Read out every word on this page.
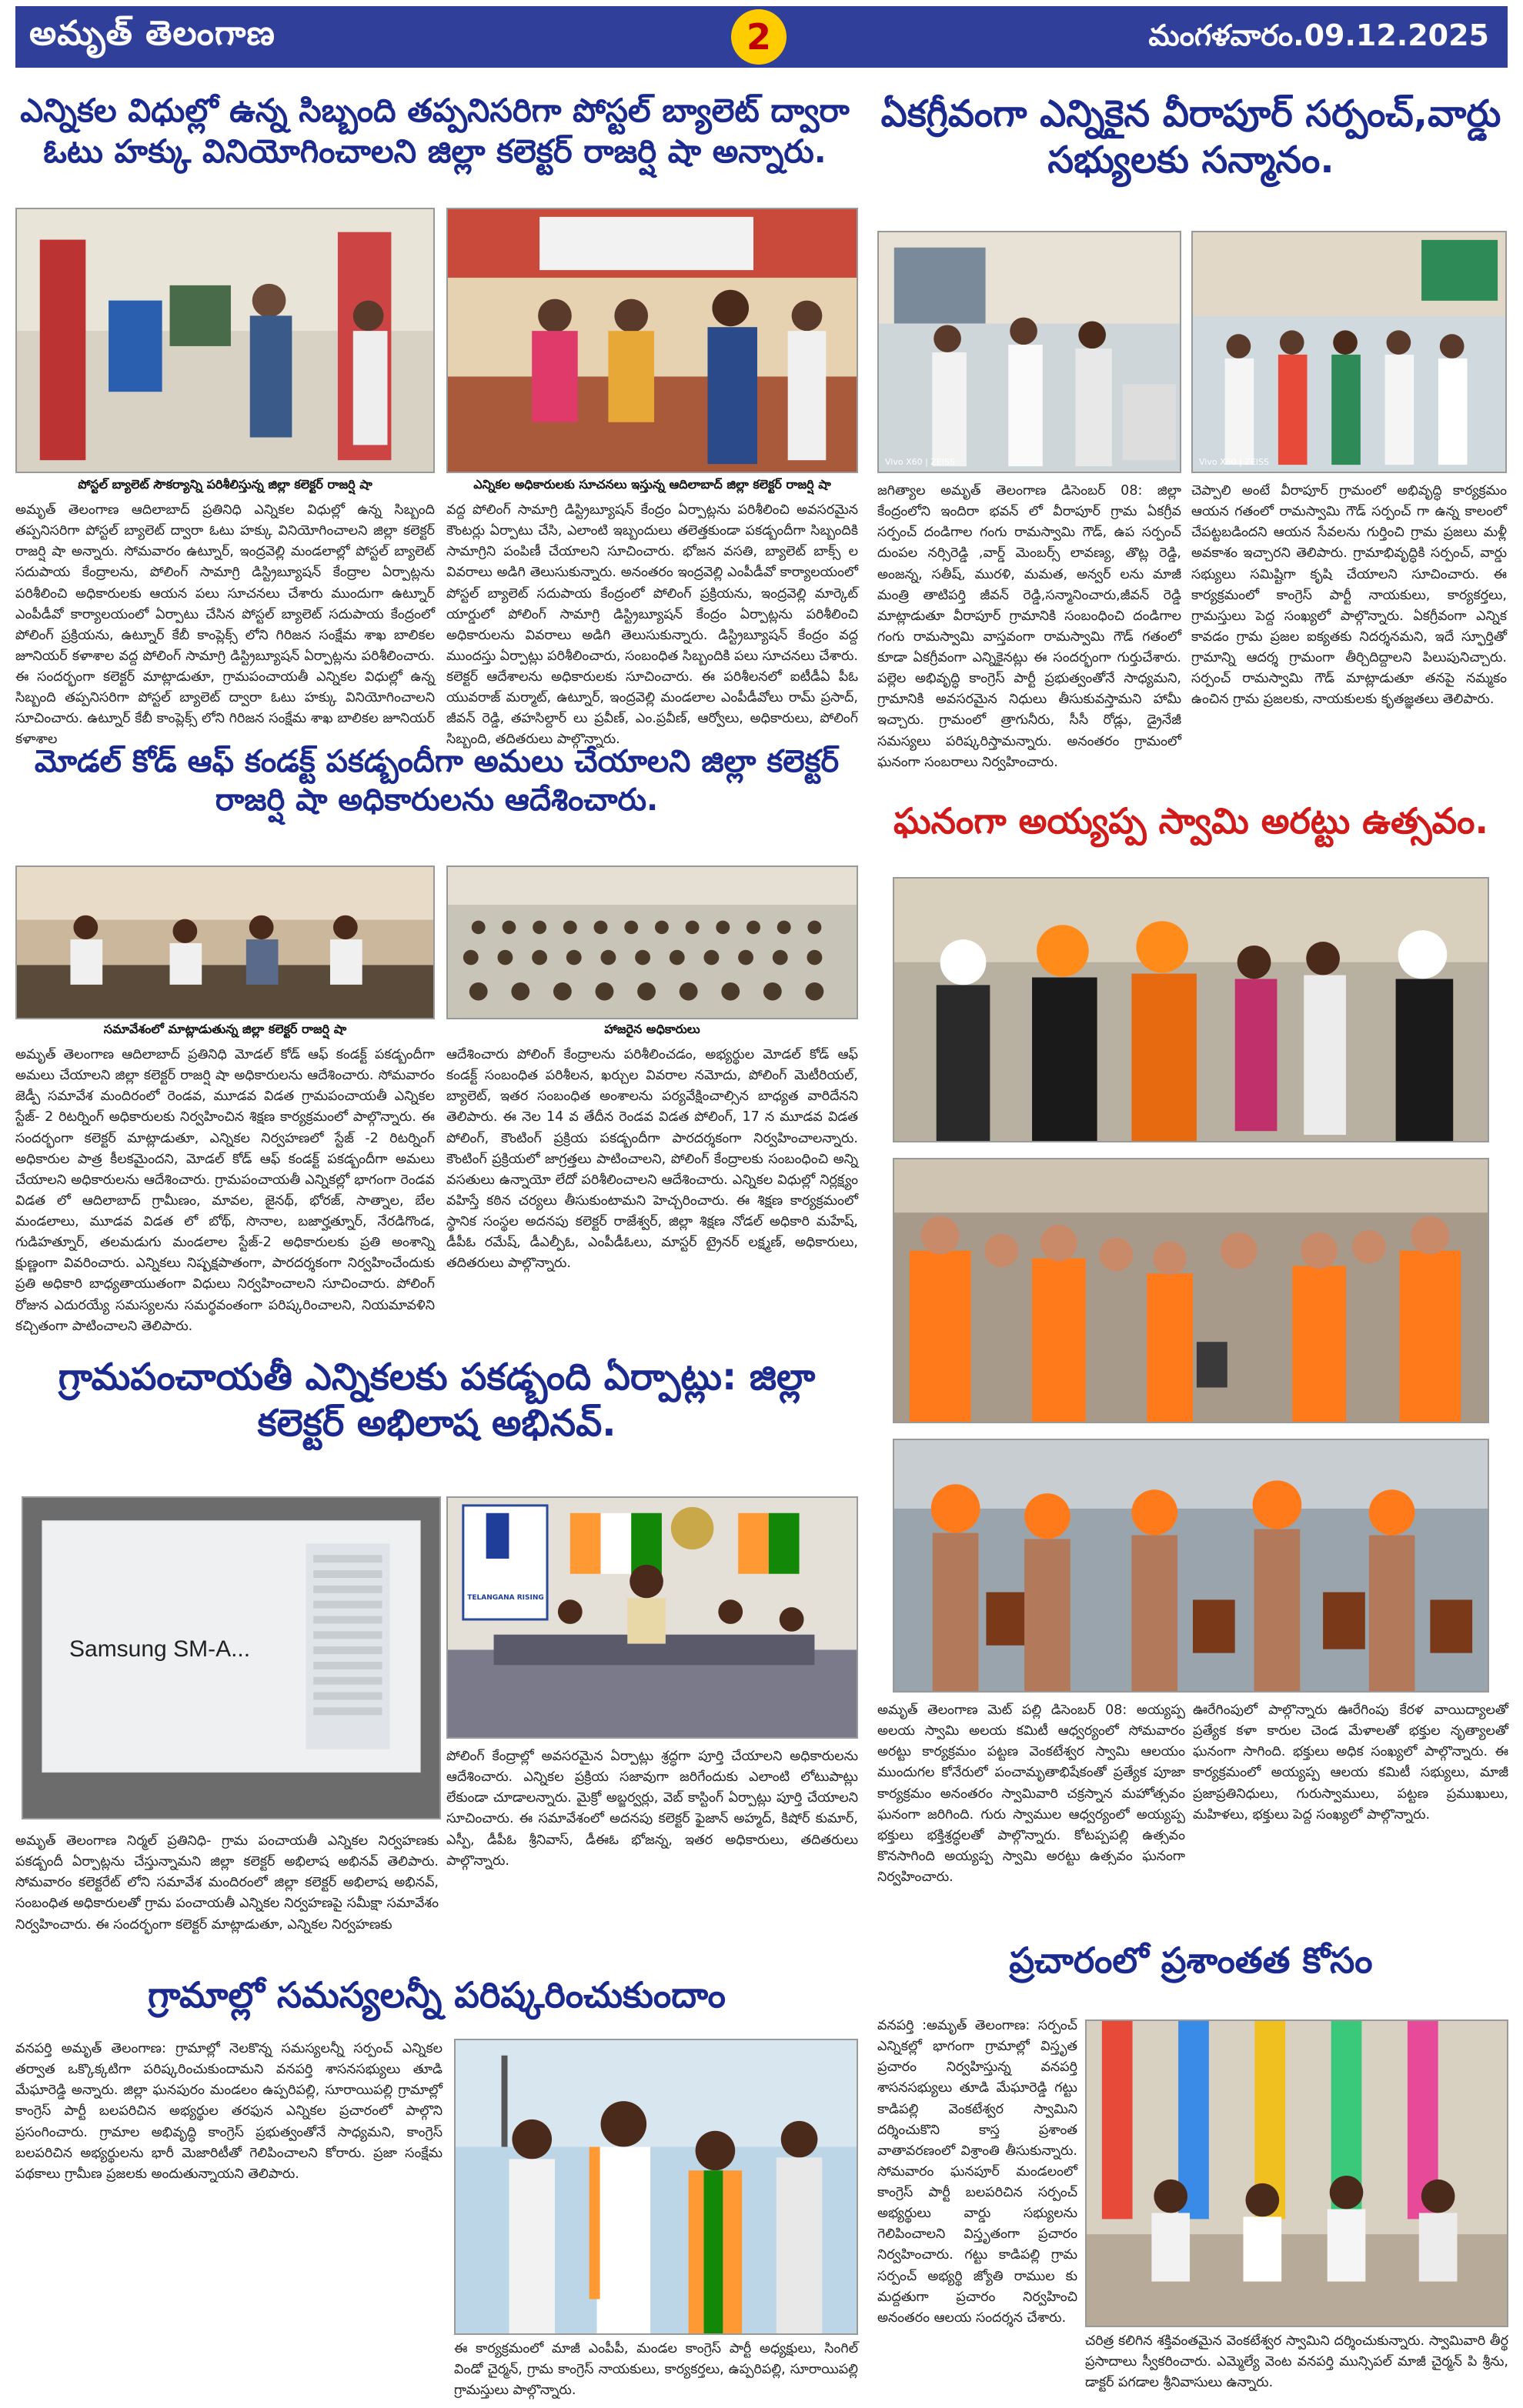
అమృత్ తెలంగాణ	2	మంగళవారం.09.12.2025
ఎన్నికల విధుల్లో ఉన్న సిబ్బంది తప్పనిసరిగా పోస్టల్ బ్యాలెట్ ద్వారా ఓటు హక్కు వినియోగించాలని జిల్లా కలెక్టర్ రాజర్షి షా అన్నారు.
పోస్టల్ బ్యాలెట్ సౌకర్యాన్ని పరిశీలిస్తున్న జిల్లా కలెక్టర్ రాజర్షి షా	ఎన్నికల అధికారులకు సూచనలు ఇస్తున్న ఆదిలాబాద్ జిల్లా కలెక్టర్ రాజర్షి షా
అమృత్ తెలంగాణ ఆదిలాబాద్ ప్రతినిధి ఎన్నికల విధుల్లో ఉన్న సిబ్బంది తప్పనిసరిగా పోస్టల్ బ్యాలెట్ ద్వారా ఓటు హక్కు వినియోగించాలని జిల్లా కలెక్టర్ రాజర్షి షా అన్నారు. సోమవారం ఉట్నూర్, ఇంద్రవెల్లి మండలాల్లో పోస్టల్ బ్యాలెట్ సదుపాయ కేంద్రాలను, పోలింగ్ సామాగ్రి డిస్ట్రిబ్యూషన్ కేంద్రాల ఏర్పాట్లను పరిశీలించి అధికారులకు ఆయన పలు సూచనలు చేశారు ముందుగా ఉట్నూర్ ఎంపీడీవో కార్యాలయంలో ఏర్పాటు చేసిన పోస్టల్ బ్యాలెట్ సదుపాయ కేంద్రంలో పోలింగ్ ప్రక్రియను, ఉట్నూర్ కేబీ కాంప్లెక్స్ లోని గిరిజన సంక్షేమ శాఖ బాలికల జూనియర్ కళాశాల వద్ద పోలింగ్ సామాగ్రి డిస్ట్రిబ్యూషన్ ఏర్పాట్లను పరిశీలించారు. ఈ సందర్భంగా కలెక్టర్ మాట్లాడుతూ, గ్రామపంచాయతీ ఎన్నికల విధుల్లో ఉన్న సిబ్బంది తప్పనిసరిగా పోస్టల్ బ్యాలెట్ ద్వారా ఓటు హక్కు వినియోగించాలని సూచించారు. ఉట్నూర్ కేబీ కాంప్లెక్స్ లోని గిరిజన సంక్షేమ శాఖ బాలికల జూనియర్ కళాశాల
వద్ద పోలింగ్ సామాగ్రి డిస్ట్రిబ్యూషన్ కేంద్రం ఏర్పాట్లను పరిశీలించి అవసరమైన కౌంటర్లు ఏర్పాటు చేసి, ఎలాంటి ఇబ్బందులు తలెత్తకుండా పకడ్బందీగా సిబ్బందికి సామాగ్రిని పంపిణీ చేయాలని సూచించారు. భోజన వసతి, బ్యాలెట్ బాక్స్ ల వివరాలు అడిగి తెలుసుకున్నారు. అనంతరం ఇంద్రవెల్లి ఎంపీడీవో కార్యాలయంలో పోస్టల్ బ్యాలెట్ సదుపాయ కేంద్రంలో పోలింగ్ ప్రక్రియను, ఇంద్రవెల్లి మార్కెట్ యార్డులో పోలింగ్ సామాగ్రి డిస్ట్రిబ్యూషన్ కేంద్రం ఏర్పాట్లను పరిశీలించి అధికారులను వివరాలు అడిగి తెలుసుకున్నారు. డిస్ట్రిబ్యూషన్ కేంద్రం వద్ద ముందస్తు ఏర్పాట్లు పరిశీలించారు, సంబంధిత సిబ్బందికి పలు సూచనలు చేశారు. కలెక్టర్ ఆదేశాలను అధికారులకు సూచించారు. ఈ పరిశీలనలో ఐటీడీఏ పీఓ యువరాజ్ మర్మాట్, ఉట్నూర్, ఇంద్రవెల్లి మండలాల ఎంపీడీవోలు రామ్ ప్రసాద్, జీవన్ రెడ్డి, తహసిల్దార్ లు ప్రవీణ్, ఎం.ప్రవీణ్, ఆర్వోలు, అధికారులు, పోలింగ్ సిబ్బంది, తదితరులు పాల్గొన్నారు.
ఏకగ్రీవంగా ఎన్నికైన వీరాపూర్ సర్పంచ్,వార్డు సభ్యులకు సన్మానం.
Vivo X60 | ZEISS	Vivo X60 | ZEISS
జగిత్యాల అమృత్ తెలంగాణ డిసెంబర్ 08: జిల్లా కేంద్రంలోని ఇందిరా భవన్ లో వీరాపూర్ గ్రామ ఏకగ్రీవ సర్పంచ్ దండిగాల గంగు రామస్వామి గౌడ్, ఉప సర్పంచ్ దుంపల నర్సిరెడ్డి ,వార్డ్ మెంబర్స్ లావణ్య, తొట్ల రెడ్డి, అంజన్న, సతీష్, మురళి, మమత, అన్వర్ లను మాజీ మంత్రి తాటిపర్తి జీవన్ రెడ్డి,సన్మానించారు,జీవన్ రెడ్డి మాట్లాడుతూ వీరాపూర్ గ్రామానికి సంబంధించి దండిగాల గంగు రామస్వామి వాస్తవంగా రామస్వామి గౌడ్ గతంలో కూడా ఏకగ్రీవంగా ఎన్నికైనట్లు ఈ సందర్భంగా గుర్తుచేశారు. పల్లెల అభివృద్ధి కాంగ్రెస్ పార్టీ ప్రభుత్వంతోనే సాధ్యమని, గ్రామానికి అవసరమైన నిధులు తీసుకువస్తామని హామీ ఇచ్చారు. గ్రామంలో త్రాగునీరు, సీసీ రోడ్లు, డ్రైనేజీ సమస్యలు పరిష్కరిస్తామన్నారు. అనంతరం గ్రామంలో ఘనంగా సంబరాలు నిర్వహించారు.
చెప్పాలి అంటే వీరాపూర్ గ్రామంలో అభివృద్ధి కార్యక్రమం ఆయన గతంలో రామస్వామి గౌడ్ సర్పంచ్ గా ఉన్న కాలంలో చేపట్టబడిందని ఆయన సేవలను గుర్తించి గ్రామ ప్రజలు మళ్లీ అవకాశం ఇచ్చారని తెలిపారు. గ్రామాభివృద్ధికి సర్పంచ్, వార్డు సభ్యులు సమిష్టిగా కృషి చేయాలని సూచించారు. ఈ కార్యక్రమంలో కాంగ్రెస్ పార్టీ నాయకులు, కార్యకర్తలు, గ్రామస్తులు పెద్ద సంఖ్యలో పాల్గొన్నారు. ఏకగ్రీవంగా ఎన్నిక కావడం గ్రామ ప్రజల ఐక్యతకు నిదర్శనమని, ఇదే స్ఫూర్తితో గ్రామాన్ని ఆదర్శ గ్రామంగా తీర్చిదిద్దాలని పిలుపునిచ్చారు. సర్పంచ్ రామస్వామి గౌడ్ మాట్లాడుతూ తనపై నమ్మకం ఉంచిన గ్రామ ప్రజలకు, నాయకులకు కృతజ్ఞతలు తెలిపారు.
మోడల్ కోడ్ ఆఫ్ కండక్ట్ పకడ్బందీగా అమలు చేయాలని జిల్లా కలెక్టర్ రాజర్షి షా అధికారులను ఆదేశించారు.
సమావేశంలో మాట్లాడుతున్న జిల్లా కలెక్టర్ రాజర్షి షా	హాజరైన అధికారులు
అమృత్ తెలంగాణ ఆదిలాబాద్ ప్రతినిధి మోడల్ కోడ్ ఆఫ్ కండక్ట్ పకడ్బందీగా అమలు చేయాలని జిల్లా కలెక్టర్ రాజర్షి షా అధికారులను ఆదేశించారు. సోమవారం జెడ్పీ సమావేశ మందిరంలో రెండవ, మూడవ విడత గ్రామపంచాయతీ ఎన్నికల స్టేజ్- 2 రిటర్నింగ్ అధికారులకు నిర్వహించిన శిక్షణ కార్యక్రమంలో పాల్గొన్నారు. ఈ సందర్భంగా కలెక్టర్ మాట్లాడుతూ, ఎన్నికల నిర్వహణలో స్టేజ్ -2 రిటర్నింగ్ అధికారుల పాత్ర కీలకమైందని, మోడల్ కోడ్ ఆఫ్ కండక్ట్ పకడ్బందీగా అమలు చేయాలని అధికారులను ఆదేశించారు. గ్రామపంచాయతీ ఎన్నికల్లో భాగంగా రెండవ విడత లో ఆదిలాబాద్ గ్రామీణం, మావల, జైనథ్, భోరజ్, సాత్నాల, బేల మండలాలు, మూడవ విడత లో బోథ్, సొనాల, బజార్హత్నూర్, నేరడిగొండ, గుడిహత్నూర్, తలమడుగు మండలాల స్టేజ్-2 అధికారులకు ప్రతి అంశాన్ని క్షుణ్ణంగా వివరించారు. ఎన్నికలు నిష్పక్షపాతంగా, పారదర్శకంగా నిర్వహించేందుకు ప్రతి అధికారి బాధ్యతాయుతంగా విధులు నిర్వహించాలని సూచించారు. పోలింగ్ రోజున ఎదురయ్యే సమస్యలను సమర్థవంతంగా పరిష్కరించాలని, నియమావళిని కచ్చితంగా పాటించాలని తెలిపారు.
ఆదేశించారు పోలింగ్ కేంద్రాలను పరిశీలించడం, అభ్యర్థుల మోడల్ కోడ్ ఆఫ్ కండక్ట్ సంబంధిత పరిశీలన, ఖర్చుల వివరాల నమోదు, పోలింగ్ మెటీరియల్, బ్యాలెట్, ఇతర సంబంధిత అంశాలను పర్యవేక్షించాల్సిన బాధ్యత వారిదేనని తెలిపారు. ఈ నెల 14 వ తేదీన రెండవ విడత పోలింగ్, 17 న మూడవ విడత పోలింగ్, కౌంటింగ్ ప్రక్రియ పకడ్బందీగా పారదర్శకంగా నిర్వహించాలన్నారు. కౌంటింగ్ ప్రక్రియలో జాగ్రత్తలు పాటించాలని, పోలింగ్ కేంద్రాలకు సంబంధించి అన్ని వసతులు ఉన్నాయో లేదో పరిశీలించాలని ఆదేశించారు. ఎన్నికల విధుల్లో నిర్లక్ష్యం వహిస్తే కఠిన చర్యలు తీసుకుంటామని హెచ్చరించారు. ఈ శిక్షణ కార్యక్రమంలో స్థానిక సంస్థల అదనపు కలెక్టర్ రాజేశ్వర్, జిల్లా శిక్షణ నోడల్ అధికారి మహేష్, డీపీఓ రమేష్, డీఎల్పీఓ, ఎంపీడీఓలు, మాస్టర్ ట్రైనర్ లక్ష్మణ్, అధికారులు, తదితరులు పాల్గొన్నారు.
ఘనంగా అయ్యప్ప స్వామి అరట్టు ఉత్సవం.
అమృత్ తెలంగాణ మెట్ పల్లి డిసెంబర్ 08: అయ్యప్ప అలయ స్వామి అలయ కమిటీ ఆధ్వర్యంలో సోమవారం అరట్టు కార్యక్రమం పట్టణ వెంకటేశ్వర స్వామి ఆలయం ముందుగల కోనేరులో పంచామృతాభిషేకంతో ప్రత్యేక పూజా కార్యక్రమం అనంతరం స్వామివారి చక్రస్నాన మహోత్సవం ఘనంగా జరిగింది. గురు స్వాముల ఆధ్వర్యంలో అయ్యప్ప భక్తులు భక్తిశ్రద్ధలతో పాల్గొన్నారు. కోటప్పపల్లి ఉత్సవం కొనసాగింది అయ్యప్ప స్వామి అరట్టు ఉత్సవం ఘనంగా నిర్వహించారు.
ఊరేగింపులో పాల్గొన్నారు ఊరేగింపు కేరళ వాయిద్యాలతో ప్రత్యేక కళా కారుల చెండ మేళాలతో భక్తుల నృత్యాలతో ఘనంగా సాగింది. భక్తులు అధిక సంఖ్యలో పాల్గొన్నారు. ఈ కార్యక్రమంలో అయ్యప్ప ఆలయ కమిటీ సభ్యులు, మాజీ ప్రజాప్రతినిధులు, గురుస్వాములు, పట్టణ ప్రముఖులు, మహిళలు, భక్తులు పెద్ద సంఖ్యలో పాల్గొన్నారు.
గ్రామపంచాయతీ ఎన్నికలకు పకడ్బంది ఏర్పాట్లు: జిల్లా కలెక్టర్ అభిలాష అభినవ్.
Samsung SM-A...
TELANGANA RISING
అమృత్ తెలంగాణ నిర్మల్ ప్రతినిధి- గ్రామ పంచాయతీ ఎన్నికల నిర్వహణకు పకడ్బందీ ఏర్పాట్లను చేస్తున్నామని జిల్లా కలెక్టర్ అభిలాష అభినవ్ తెలిపారు. సోమవారం కలెక్టరేట్ లోని సమావేశ మందిరంలో జిల్లా కలెక్టర్ అభిలాష అభినవ్, సంబంధిత అధికారులతో గ్రామ పంచాయతీ ఎన్నికల నిర్వహణపై సమీక్షా సమావేశం నిర్వహించారు. ఈ సందర్భంగా కలెక్టర్ మాట్లాడుతూ, ఎన్నికల నిర్వహణకు
పోలింగ్ కేంద్రాల్లో అవసరమైన ఏర్పాట్లు శ్రద్ధగా పూర్తి చేయాలని అధికారులను ఆదేశించారు. ఎన్నికల ప్రక్రియ సజావుగా జరిగేందుకు ఎలాంటి లోటుపాట్లు లేకుండా చూడాలన్నారు. మైక్రో అబ్జర్వర్లు, వెబ్ కాస్టింగ్ ఏర్పాట్లు పూర్తి చేయాలని సూచించారు. ఈ సమావేశంలో అదనపు కలెక్టర్ ఫైజాన్ అహ్మద్, కిషోర్ కుమార్, ఎస్పీ, డీపీఓ శ్రీనివాస్, డీఈఓ భోజన్న, ఇతర అధికారులు, తదితరులు పాల్గొన్నారు.
గ్రామాల్లో సమస్యలన్నీ పరిష్కరించుకుందాం
వనపర్తి అమృత్ తెలంగాణ: గ్రామాల్లో నెలకొన్న సమస్యలన్నీ సర్పంచ్ ఎన్నికల తర్వాత ఒక్కొక్కటిగా పరిష్కరించుకుందామని వనపర్తి శాసనసభ్యులు తూడి మేఘారెడ్డి అన్నారు. జిల్లా ఘనపురం మండలం ఉప్పరిపల్లి, సూరాయిపల్లి గ్రామాల్లో కాంగ్రెస్ పార్టీ బలపరిచిన అభ్యర్థుల తరఫున ఎన్నికల ప్రచారంలో పాల్గొని ప్రసంగించారు. గ్రామాల అభివృద్ధి కాంగ్రెస్ ప్రభుత్వంతోనే సాధ్యమని, కాంగ్రెస్ బలపరిచిన అభ్యర్థులను భారీ మెజారిటీతో గెలిపించాలని కోరారు. ప్రజా సంక్షేమ పథకాలు గ్రామీణ ప్రజలకు అందుతున్నాయని తెలిపారు.
ఈ కార్యక్రమంలో మాజీ ఎంపీపీ, మండల కాంగ్రెస్ పార్టీ అధ్యక్షులు, సింగిల్ విండో చైర్మన్, గ్రామ కాంగ్రెస్ నాయకులు, కార్యకర్తలు, ఉప్పరిపల్లి, సూరాయిపల్లి గ్రామస్తులు పాల్గొన్నారు.
ప్రచారంలో ప్రశాంతత కోసం
వనపర్తి :అమృత్ తెలంగాణ: సర్పంచ్ ఎన్నికల్లో భాగంగా గ్రామాల్లో విస్తృత ప్రచారం నిర్వహిస్తున్న వనపర్తి శాసనసభ్యులు తూడి మేఘారెడ్డి గట్టు కాడిపల్లి వెంకటేశ్వర స్వామిని దర్శించుకొని కాస్త ప్రశాంత వాతావరణంలో విశ్రాంతి తీసుకున్నారు. సోమవారం ఘనపూర్ మండలంలో కాంగ్రెస్ పార్టీ బలపరిచిన సర్పంచ్ అభ్యర్థులు వార్డు సభ్యులను గెలిపించాలని విస్తృతంగా ప్రచారం నిర్వహించారు. గట్టు కాడిపల్లి గ్రామ సర్పంచ్ అభ్యర్థి జ్యోతి రాముల కు మద్దతుగా ప్రచారం నిర్వహించి అనంతరం ఆలయ సందర్శన చేశారు.
చరిత్ర కలిగిన శక్తివంతమైన వెంకటేశ్వర స్వామిని దర్శించుకున్నారు. స్వామివారి తీర్థ ప్రసాదాలు స్వీకరించారు. ఎమ్మెల్యే వెంట వనపర్తి మున్సిపల్ మాజీ చైర్మన్ పి శ్రీను, డాక్టర్ పగడాల శ్రీనివాసులు ఉన్నారు.
